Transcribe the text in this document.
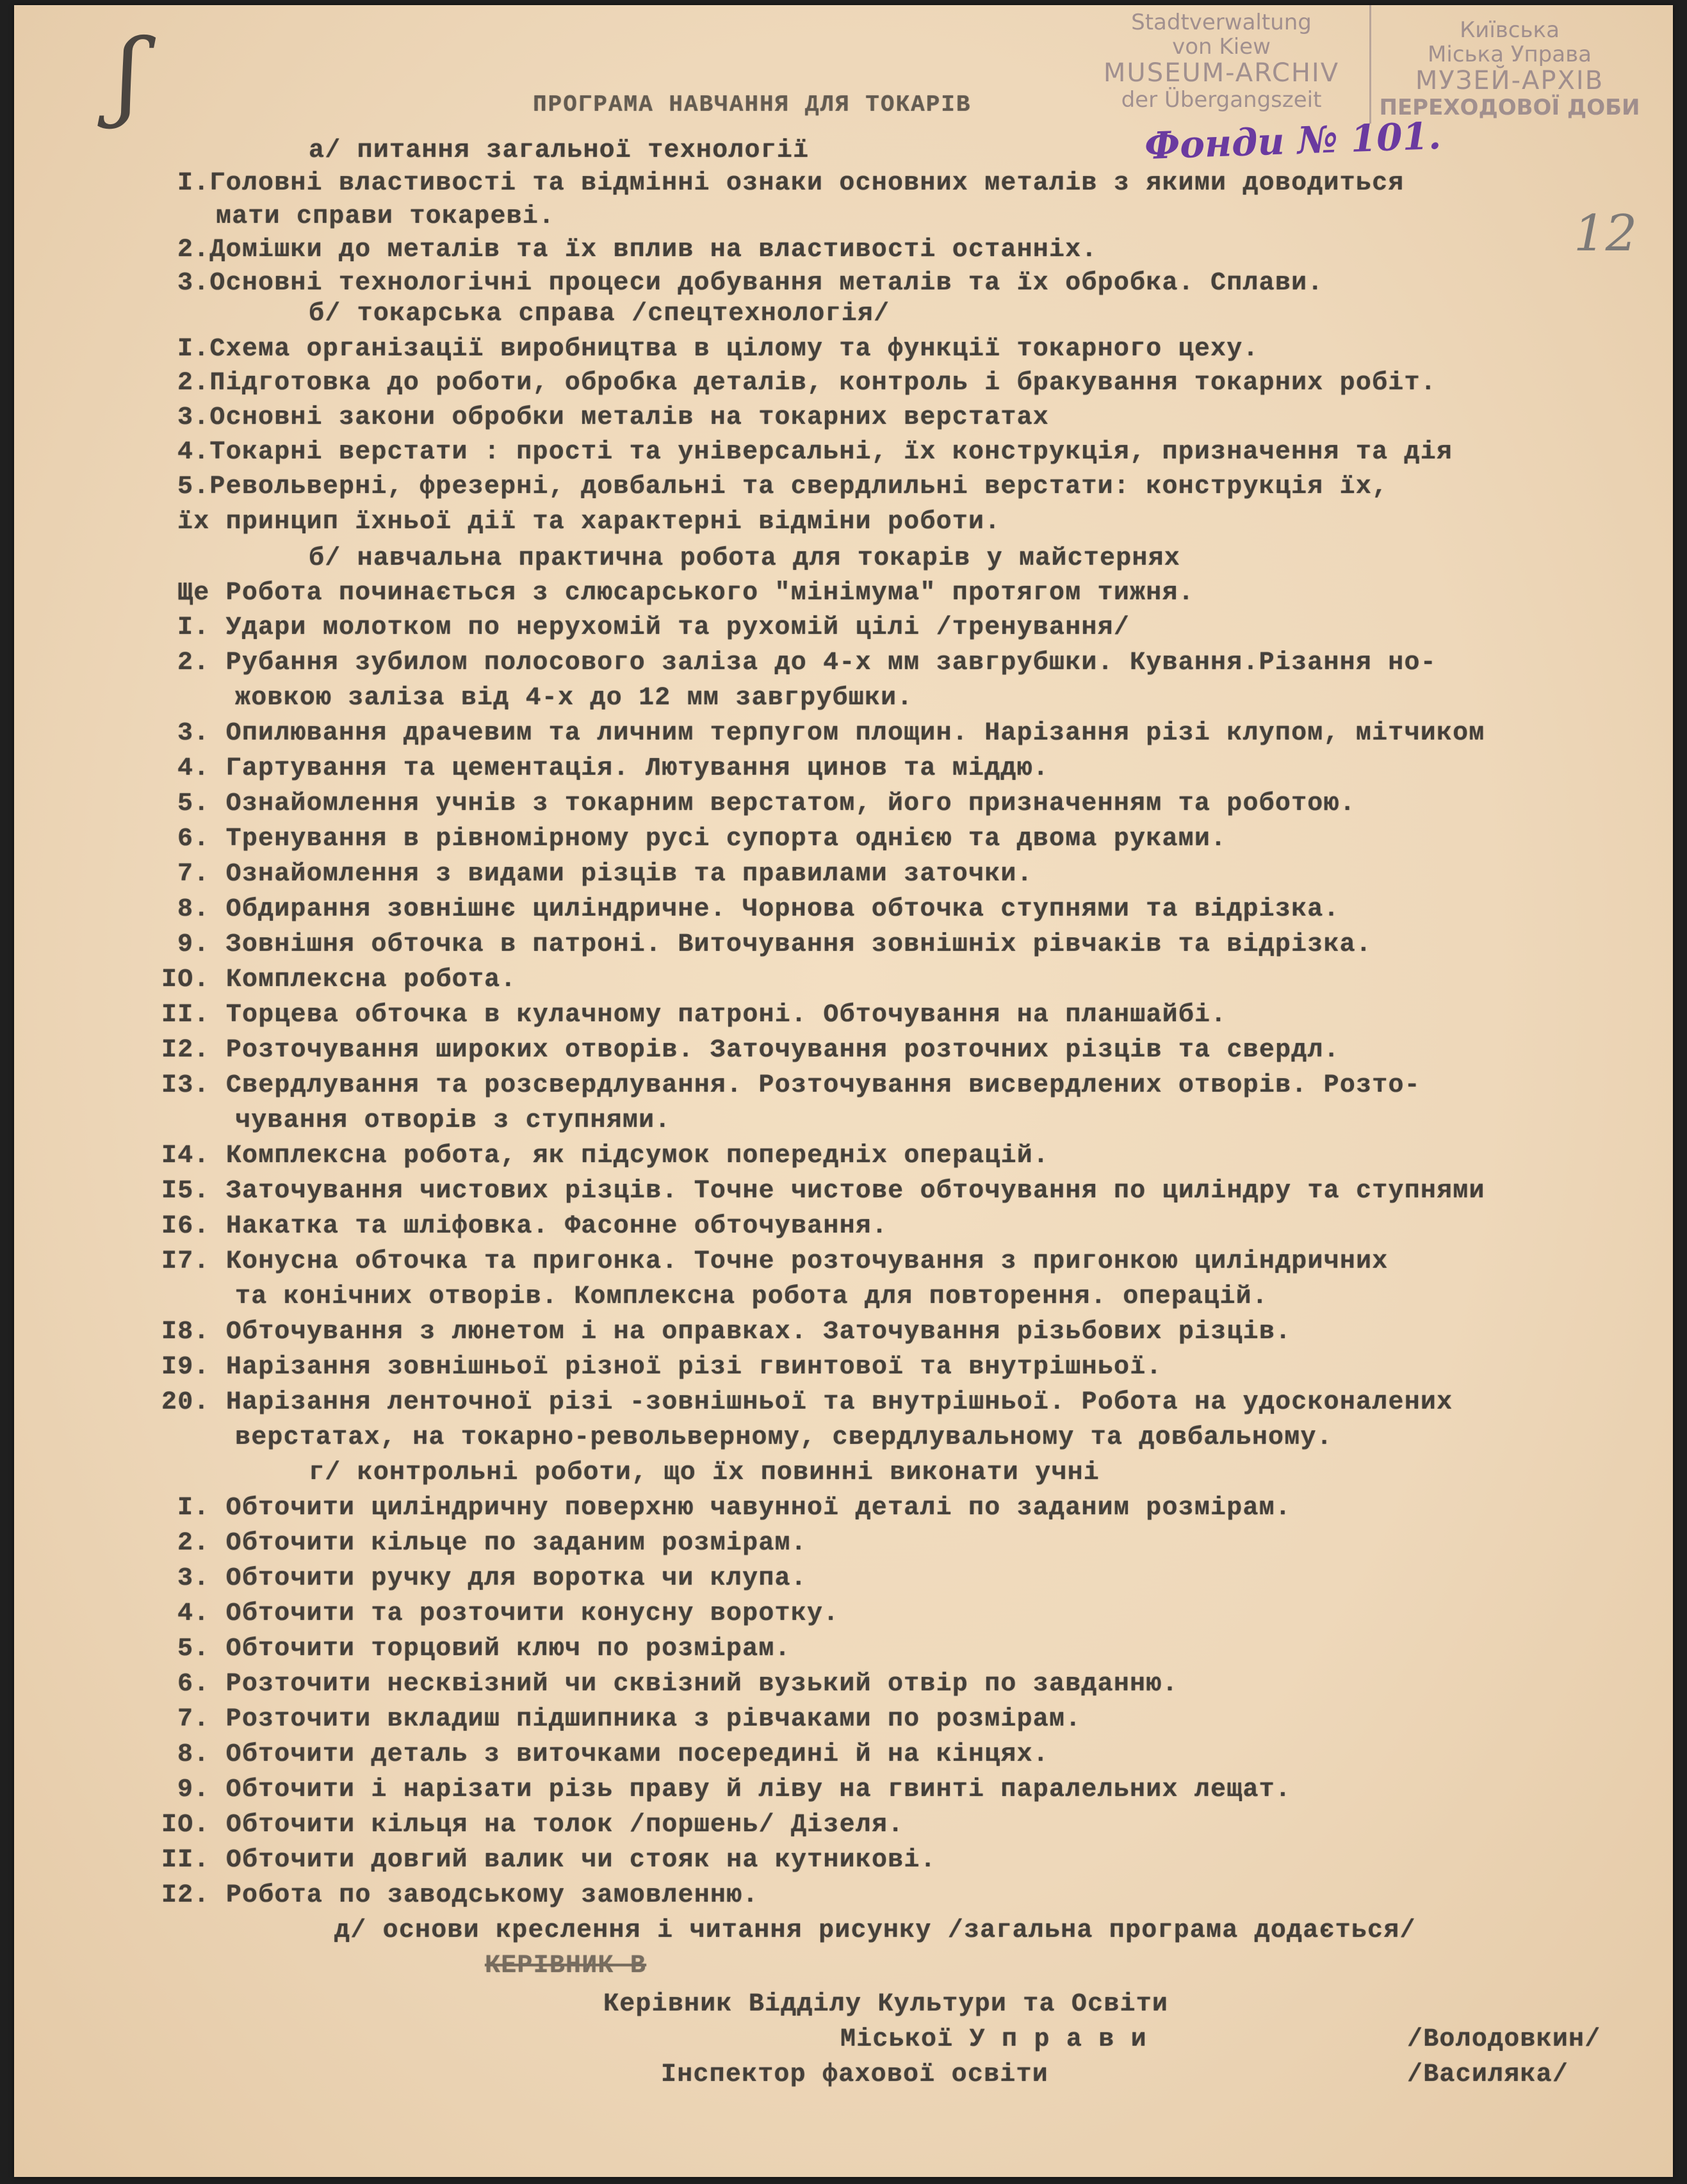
Stadtverwaltung
von Kiew
MUSEUM-ARCHIV
der Übergangszeit
Київська
Міська Управа
МУЗЕЙ-АРХІВ
ПЕРЕХОДОВОЇ ДОБИ
Фонди № 101.
12
ʃ	ПРОГРАМА НАВЧАННЯ ДЛЯ ТОКАРІВ
а/ питання загальної технології
I.Головні властивості та відмінні ознаки основних металів з якими доводиться
мати справи токареві.
2.Домішки до металів та їх вплив на властивості останніх.
3.Основні технологічні процеси добування металів та їх обробка. Сплави.
б/ токарська справа /спецтехнологія/
I.Схема організації виробництва в цілому та функції токарного цеху.
2.Підготовка до роботи, обробка деталів, контроль і бракування токарних робіт.
3.Основні закони обробки металів на токарних верстатах
4.Токарні верстати : прості та універсальні, їх конструкція, призначення та дія
5.Револьверні, фрезерні, довбальні та свердлильні верстати: конструкція їх,
їх принцип їхньої дії та характерні відміни роботи.
б/ навчальна практична робота для токарів у майстернях
Ще Робота починається з слюсарського "мінімума" протягом тижня.
I. Удари молотком по нерухомій та рухомій цілі /тренування/
2. Рубання зубилом полосового заліза до 4-х мм завгрубшки. Кування.Різання но-
жовкою заліза від 4-х до 12 мм завгрубшки.
3. Опилювання драчевим та личним терпугом площин. Нарізання різі клупом, мітчиком
4. Гартування та цементація. Лютування цинов та міддю.
5. Ознайомлення учнів з токарним верстатом, його призначенням та роботою.
6. Тренування в рівномірному русі супорта однією та двома руками.
7. Ознайомлення з видами різців та правилами заточки.
8. Обдирання зовнішнє циліндричне. Чорнова обточка ступнями та відрізка.
9. Зовнішня обточка в патроні. Виточування зовнішніх рівчаків та відрізка.
IO. Комплексна робота.
II. Торцева обточка в кулачному патроні. Обточування на планшайбі.
I2. Розточування широких отворів. Заточування розточних різців та свердл.
I3. Свердлування та розсвердлування. Розточування висвердлених отворів. Розто-
чування отворів з ступнями.
I4. Комплексна робота, як підсумок попередніх операцій.
I5. Заточування чистових різців. Точне чистове обточування по циліндру та ступнями
I6. Накатка та шліфовка. Фасонне обточування.
I7. Конусна обточка та пригонка. Точне розточування з пригонкою циліндричних
та конічних отворів. Комплексна робота для повторення. операцій.
I8. Обточування з люнетом і на оправках. Заточування різьбових різців.
I9. Нарізання зовнішньої різної різі гвинтової та внутрішньої.
20. Нарізання ленточної різі -зовнішньої та внутрішньої. Робота на удосконалених
верстатах, на токарно-револьверному, свердлувальному та довбальному.
г/ контрольні роботи, що їх повинні виконати учні
I. Обточити циліндричну поверхню чавунної деталі по заданим розмірам.
2. Обточити кільце по заданим розмірам.
3. Обточити ручку для воротка чи клупа.
4. Обточити та розточити конусну воротку.
5. Обточити торцовий ключ по розмірам.
6. Розточити несквізний чи сквізний вузький отвір по завданню.
7. Розточити вкладиш підшипника з рівчаками по розмірам.
8. Обточити деталь з виточками посередині й на кінцях.
9. Обточити і нарізати різь праву й ліву на гвинті паралельних лещат.
IO. Обточити кільця на толок /поршень/ Дізеля.
II. Обточити довгий валик чи стояк на кутникові.
I2. Робота по заводському замовленню.
д/ основи креслення і читання рисунку /загальна програма додається/
КЕРІВНИК В
Керівник Відділу Культури та Освіти
Міської У п р а в и
Інспектор фахової освіти
/Володовкин/
/Василяка/
